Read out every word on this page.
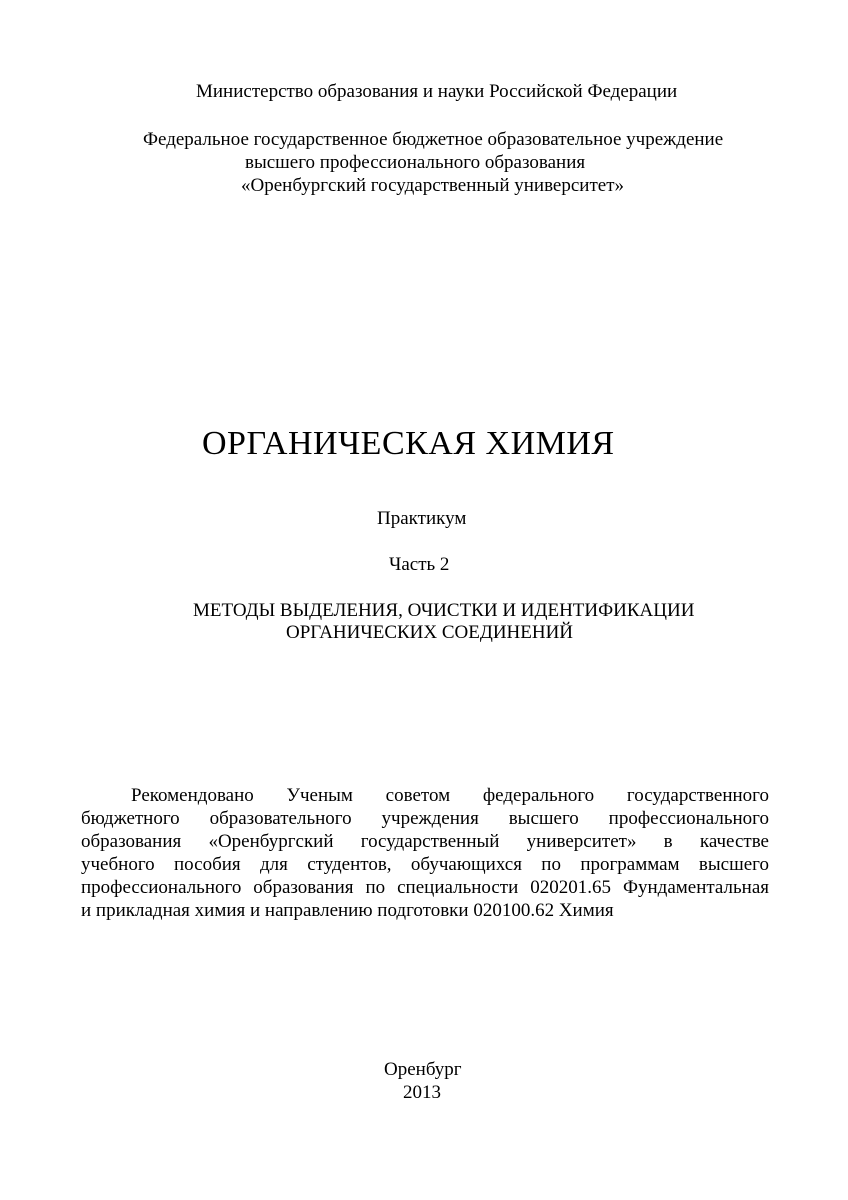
Министерство образования и науки Российской Федерации
Федеральное государственное бюджетное образовательное учреждение
высшего профессионального образования
«Оренбургский государственный университет»
ОРГАНИЧЕСКАЯ ХИМИЯ
Практикум
Часть 2
МЕТОДЫ ВЫДЕЛЕНИЯ, ОЧИСТКИ И ИДЕНТИФИКАЦИИ
ОРГАНИЧЕСКИХ СОЕДИНЕНИЙ
Рекомендовано Ученым советом федерального государственного
бюджетного образовательного учреждения высшего профессионального
образования «Оренбургский государственный университет» в качестве
учебного пособия для студентов, обучающихся по программам высшего
профессионального образования по специальности 020201.65 Фундаментальная
и прикладная химия и направлению подготовки 020100.62 Химия
Оренбург
2013
